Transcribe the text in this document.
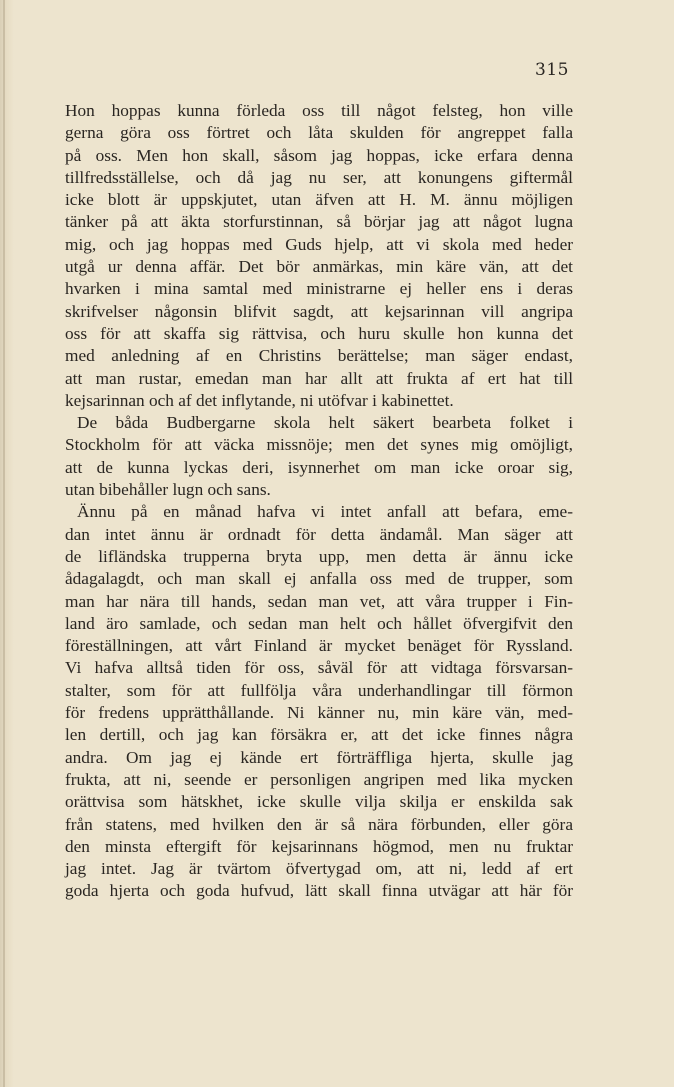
315
Hon hoppas kunna förleda oss till något felsteg, hon ville
gerna göra oss förtret och låta skulden för angreppet falla
på oss. Men hon skall, såsom jag hoppas, icke erfara denna
tillfredsställelse, och då jag nu ser, att konungens giftermål
icke blott är uppskjutet, utan äfven att H. M. ännu möjligen
tänker på att äkta storfurstinnan, så börjar jag att något lugna
mig, och jag hoppas med Guds hjelp, att vi skola med heder
utgå ur denna affär. Det bör anmärkas, min käre vän, att det
hvarken i mina samtal med ministrarne ej heller ens i deras
skrifvelser någonsin blifvit sagdt, att kejsarinnan vill angripa
oss för att skaffa sig rättvisa, och huru skulle hon kunna det
med anledning af en Christins berättelse; man säger endast,
att man rustar, emedan man har allt att frukta af ert hat till
kejsarinnan och af det inflytande, ni utöfvar i kabinettet.
De båda Budbergarne skola helt säkert bearbeta folket i
Stockholm för att väcka missnöje; men det synes mig omöjligt,
att de kunna lyckas deri, isynnerhet om man icke oroar sig,
utan bibehåller lugn och sans.
Ännu på en månad hafva vi intet anfall att befara, eme-
dan intet ännu är ordnadt för detta ändamål. Man säger att
de lifländska trupperna bryta upp, men detta är ännu icke
ådagalagdt, och man skall ej anfalla oss med de trupper, som
man har nära till hands, sedan man vet, att våra trupper i Fin-
land äro samlade, och sedan man helt och hållet öfvergifvit den
föreställningen, att vårt Finland är mycket benäget för Ryssland.
Vi hafva alltså tiden för oss, såväl för att vidtaga försvarsan-
stalter, som för att fullfölja våra underhandlingar till förmon
för fredens upprätthållande. Ni känner nu, min käre vän, med-
len dertill, och jag kan försäkra er, att det icke finnes några
andra. Om jag ej kände ert förträffliga hjerta, skulle jag
frukta, att ni, seende er personligen angripen med lika mycken
orättvisa som hätskhet, icke skulle vilja skilja er enskilda sak
från statens, med hvilken den är så nära förbunden, eller göra
den minsta eftergift för kejsarinnans högmod, men nu fruktar
jag intet. Jag är tvärtom öfvertygad om, att ni, ledd af ert
goda hjerta och goda hufvud, lätt skall finna utvägar att här för
